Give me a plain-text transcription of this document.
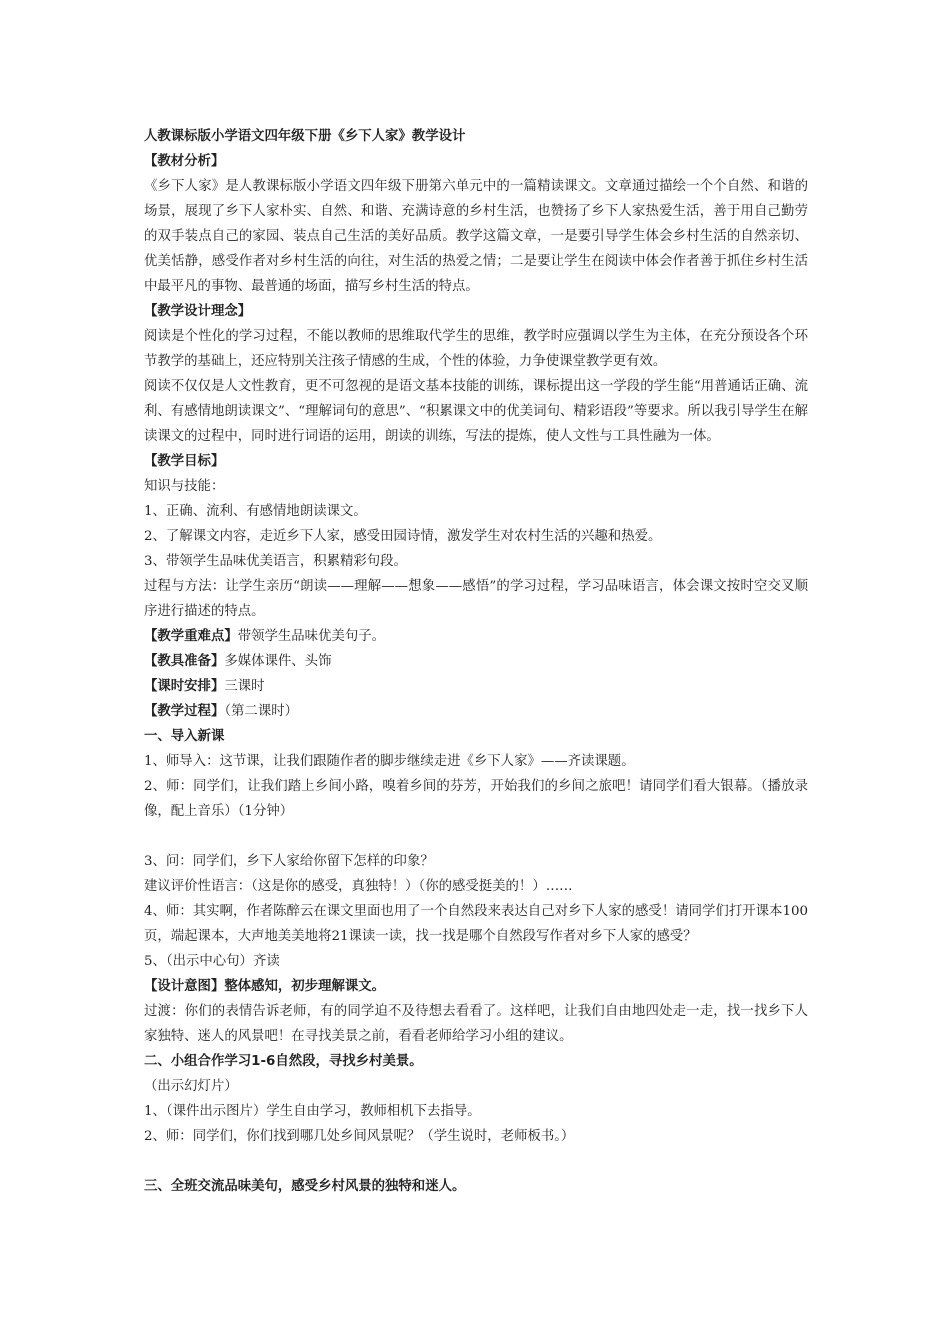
人教课标版小学语文四年级下册《乡下人家》教学设计

【教材分析】

《乡下人家》是人教课标版小学语文四年级下册第六单元中的一篇精读课文。文章通过描绘一个个自然、和谐的场景，展现了乡下人家朴实、自然、和谐、充满诗意的乡村生活，也赞扬了乡下人家热爱生活，善于用自己勤劳的双手装点自己的家园、装点自己生活的美好品质。教学这篇文章，一是要引导学生体会乡村生活的自然亲切、优美恬静，感受作者对乡村生活的向往，对生活的热爱之情；二是要让学生在阅读中体会作者善于抓住乡村生活中最平凡的事物、最普通的场面，描写乡村生活的特点。

【教学设计理念】

阅读是个性化的学习过程，不能以教师的思维取代学生的思维，教学时应强调以学生为主体，在充分预设各个环节教学的基础上，还应特别关注孩子情感的生成，个性的体验，力争使课堂教学更有效。

阅读不仅仅是人文性教育，更不可忽视的是语文基本技能的训练，课标提出这一学段的学生能“用普通话正确、流利、有感情地朗读课文”、“理解词句的意思”、“积累课文中的优美词句、精彩语段”等要求。所以我引导学生在解读课文的过程中，同时进行词语的运用，朗读的训练，写法的提炼，使人文性与工具性融为一体。

【教学目标】

知识与技能：

1、正确、流利、有感情地朗读课文。

2、了解课文内容，走近乡下人家，感受田园诗情，激发学生对农村生活的兴趣和热爱。

3、带领学生品味优美语言，积累精彩句段。

过程与方法：让学生亲历“朗读——理解——想象——感悟”的学习过程，学习品味语言，体会课文按时空交叉顺序进行描述的特点。

【教学重难点】带领学生品味优美句子。

【教具准备】多媒体课件、头饰

【课时安排】三课时

【教学过程】（第二课时）

一、导入新课

1、师导入：这节课，让我们跟随作者的脚步继续走进《乡下人家》——齐读课题。

2、师：同学们，让我们踏上乡间小路，嗅着乡间的芬芳，开始我们的乡间之旅吧！请同学们看大银幕。（播放录像，配上音乐）（1分钟）

3、问：同学们，乡下人家给你留下怎样的印象？

建议评价性语言：（这是你的感受，真独特！）（你的感受挺美的！）……

4、师：其实啊，作者陈醉云在课文里面也用了一个自然段来表达自己对乡下人家的感受！请同学们打开课本100页，端起课本，大声地美美地将21课读一读，找一找是哪个自然段写作者对乡下人家的感受？

5、（出示中心句）齐读

【设计意图】整体感知，初步理解课文。

过渡：你们的表情告诉老师，有的同学迫不及待想去看看了。这样吧，让我们自由地四处走一走，找一找乡下人家独特、迷人的风景吧！在寻找美景之前，看看老师给学习小组的建议。

二、小组合作学习1-6自然段，寻找乡村美景。

（出示幻灯片）

1、（课件出示图片）学生自由学习，教师相机下去指导。

2、师：同学们，你们找到哪几处乡间风景呢？（学生说时，老师板书。）

三、全班交流品味美句，感受乡村风景的独特和迷人。
